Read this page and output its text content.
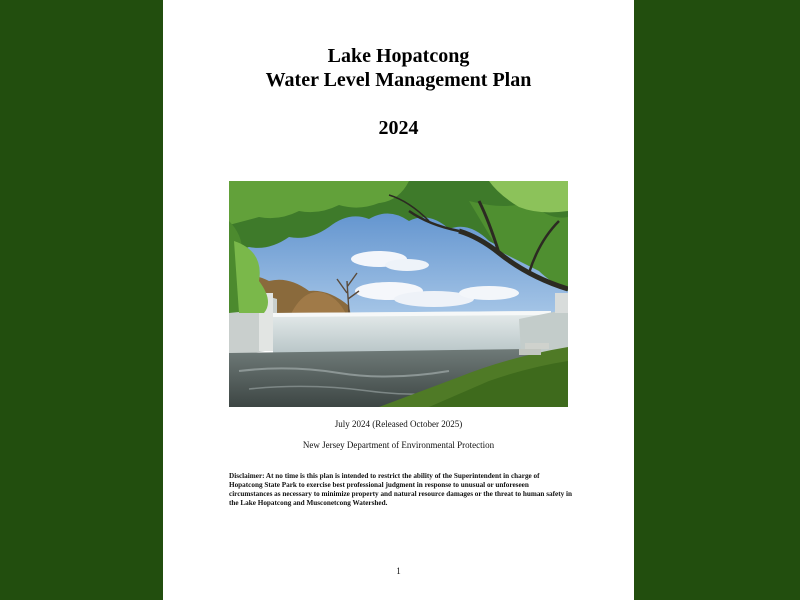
Lake Hopatcong
Water Level Management Plan
2024
July 2024 (Released October 2025)
New Jersey Department of Environmental Protection
Disclaimer: At no time is this plan is intended to restrict the ability of the Superintendent in charge of Hopatcong State Park to exercise best professional judgment in response to unusual or unforeseen circumstances as necessary to minimize property and natural resource damages or the threat to human safety in the Lake Hopatcong and Musconetcong Watershed.
1
